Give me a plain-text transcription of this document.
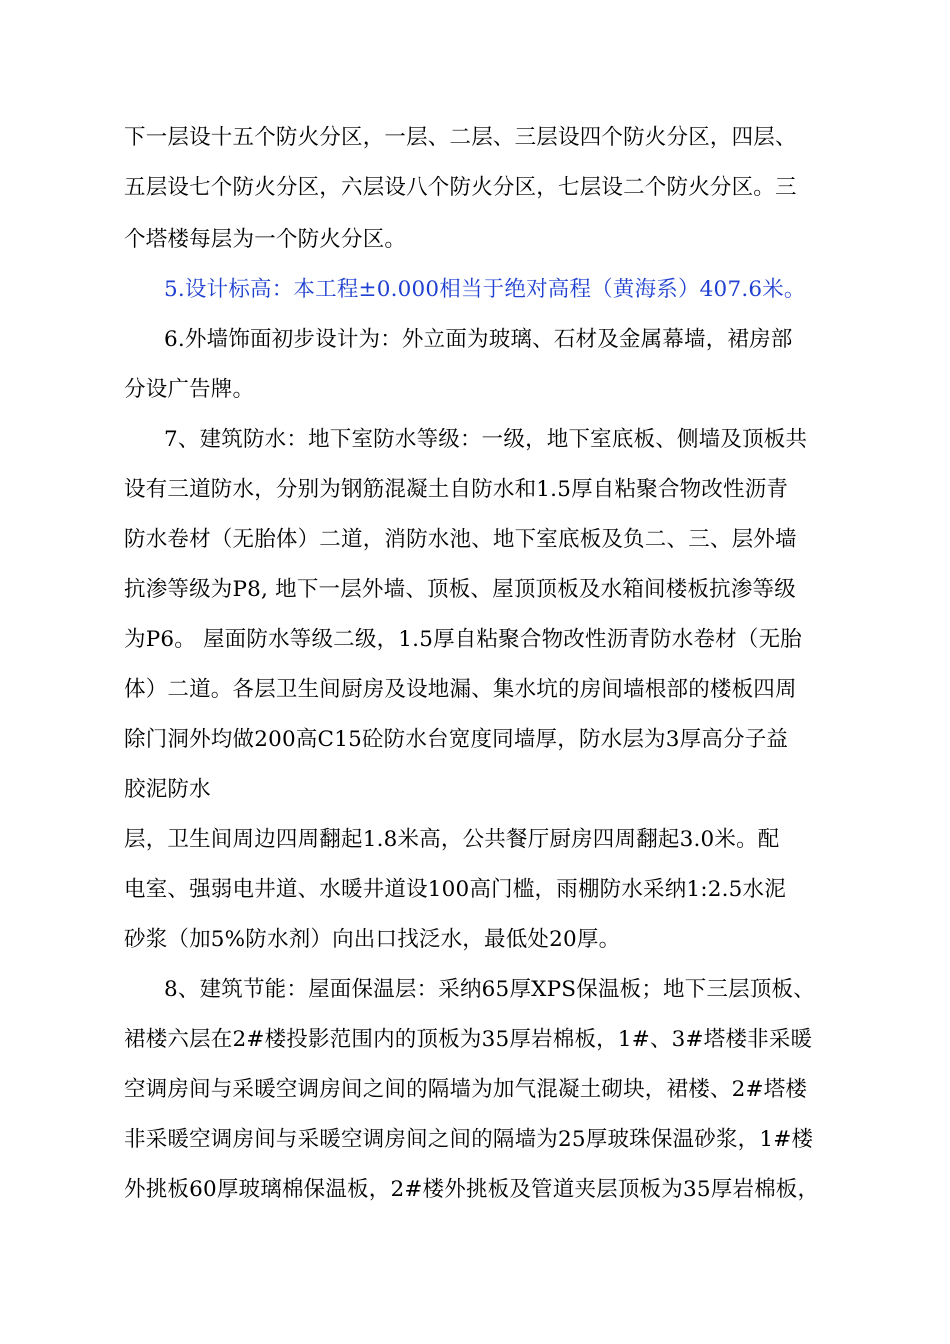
下一层设十五个防火分区，一层、二层、三层设四个防火分区，四层、
五层设七个防火分区，六层设八个防火分区，七层设二个防火分区。三
个塔楼每层为一个防火分区。
5.设计标高：本工程±0.000相当于绝对高程（黄海系）407.6米。
6.外墙饰面初步设计为：外立面为玻璃、石材及金属幕墙，裙房部
分设广告牌。
7、建筑防水：地下室防水等级：一级，地下室底板、侧墙及顶板共
设有三道防水，分别为钢筋混凝土自防水和1.5厚自粘聚合物改性沥青
防水卷材（无胎体）二道，消防水池、地下室底板及负二、三、层外墙
抗渗等级为P8, 地下一层外墙、顶板、屋顶顶板及水箱间楼板抗渗等级
为P6。 屋面防水等级二级，1.5厚自粘聚合物改性沥青防水卷材（无胎
体）二道。各层卫生间厨房及设地漏、集水坑的房间墙根部的楼板四周
除门洞外均做200高C15砼防水台宽度同墙厚，防水层为3厚高分子益
胶泥防水
层，卫生间周边四周翻起1.8米高，公共餐厅厨房四周翻起3.0米。配
电室、强弱电井道、水暖井道设100高门槛，雨棚防水采纳1:2.5水泥
砂浆（加5%防水剂）向出口找泛水，最低处20厚。
8、建筑节能：屋面保温层：采纳65厚XPS保温板；地下三层顶板、
裙楼六层在2#楼投影范围内的顶板为35厚岩棉板，1#、3#塔楼非采暖
空调房间与采暖空调房间之间的隔墙为加气混凝土砌块，裙楼、2#塔楼
非采暖空调房间与采暖空调房间之间的隔墙为25厚玻珠保温砂浆，1#楼
外挑板60厚玻璃棉保温板，2#楼外挑板及管道夹层顶板为35厚岩棉板，
